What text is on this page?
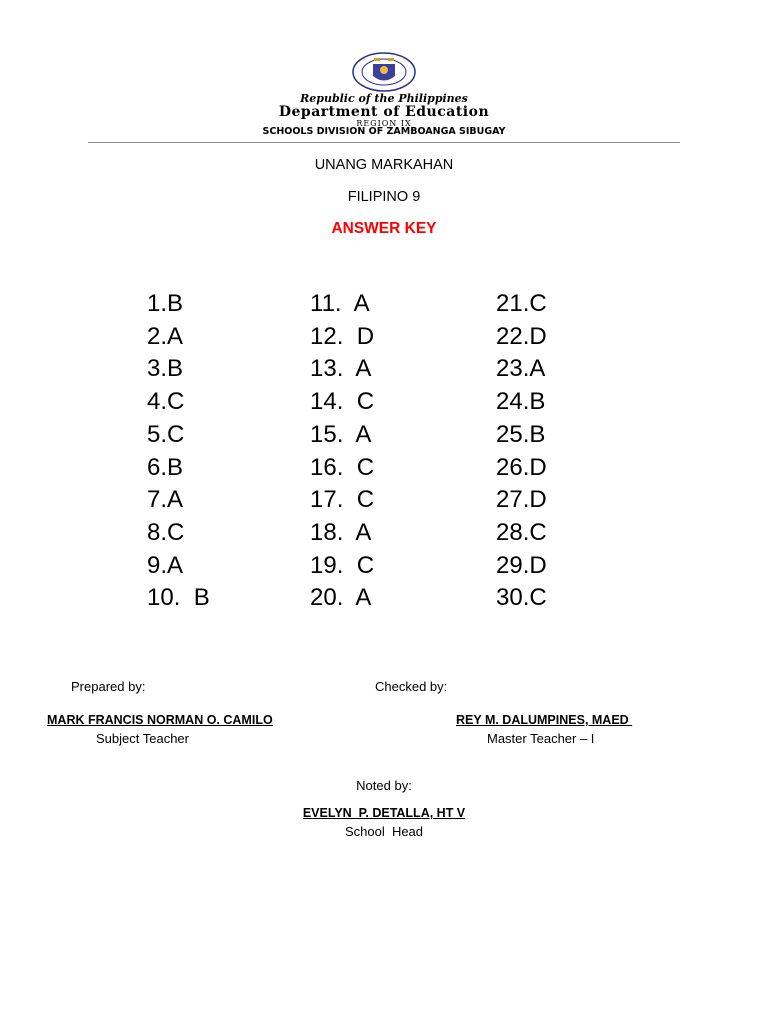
Republic of the Philippines
Department of Education
REGION IX
SCHOOLS DIVISION OF ZAMBOANGA SIBUGAY
UNANG MARKAHAN
FILIPINO 9
ANSWER KEY
1.B
2.A
3.B
4.C
5.C
6.B
7.A
8.C
9.A
10.  B
11.  A
12.  D
13.  A
14.  C
15.  A
16.  C
17.  C
18.  A
19.  C
20.  A
21.C
22.D
23.A
24.B
25.B
26.D
27.D
28.C
29.D
30.C
Prepared by:	Checked by:
MARK FRANCIS NORMAN O. CAMILO	REY M. DALUMPINES, MAED
Subject Teacher	Master Teacher – I
Noted by:
EVELYN  P. DETALLA, HT V
School  Head
